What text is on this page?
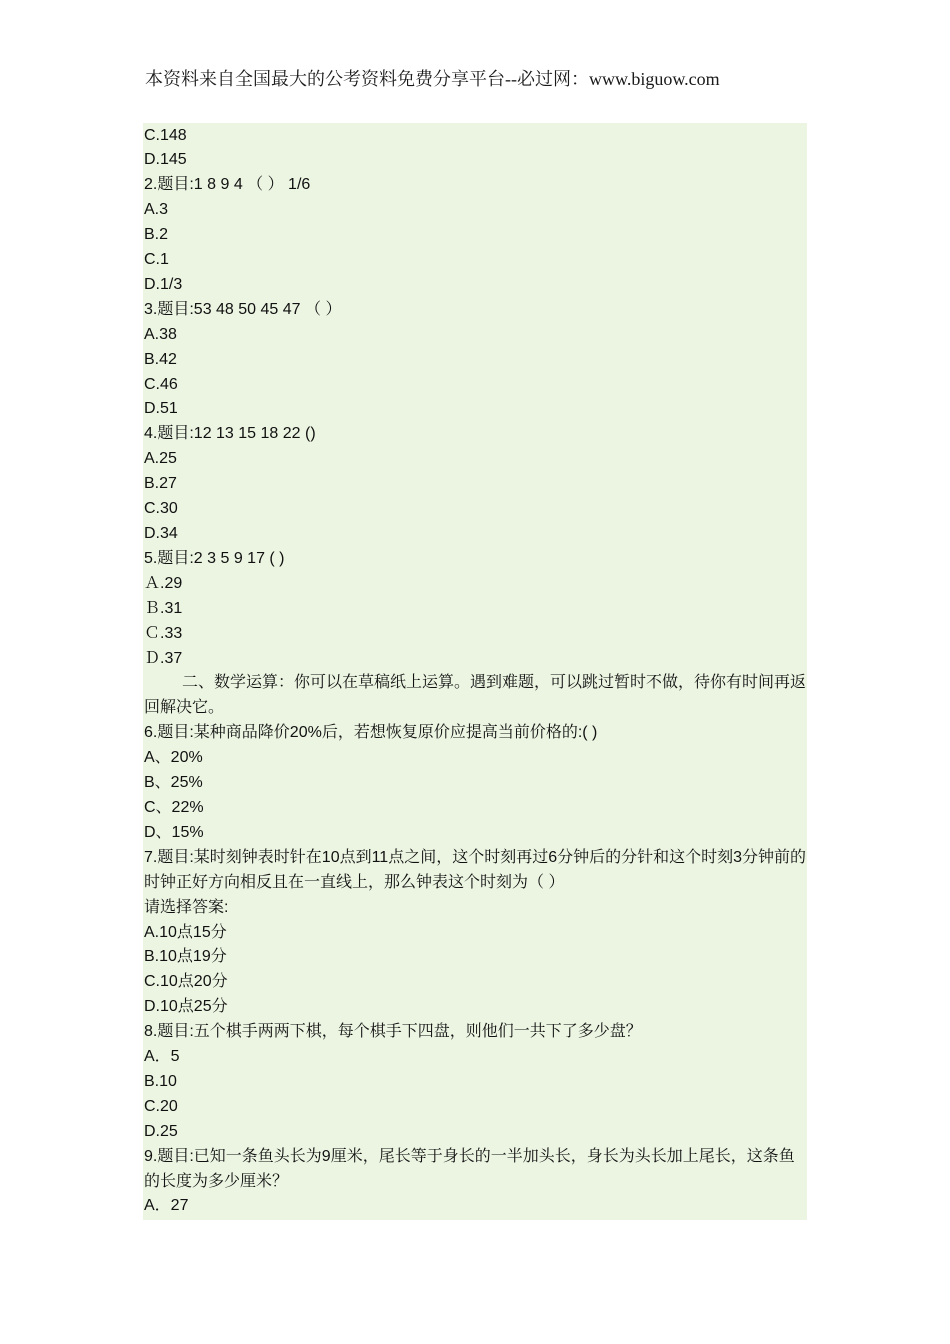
本资料来自全国最大的公考资料免费分享平台--必过网：www.biguow.com
C.148
D.145
2.题目:1 8 9 4 （ ） 1/6
A.3
B.2
C.1
D.1/3
3.题目:53 48 50 45 47 （ ）
A.38
B.42
C.46
D.51
4.题目:12 13 15 18 22 ()
A.25
B.27
C.30
D.34
5.题目:2 3 5 9 17 ( )
Ａ.29
Ｂ.31
Ｃ.33
Ｄ.37
二、数学运算：你可以在草稿纸上运算。遇到难题，可以跳过暂时不做，待你有时间再返回解决它。
6.题目:某种商品降价20%后，若想恢复原价应提高当前价格的:( )
A、20%
B、25%
C、22%
D、15%
7.题目:某时刻钟表时针在10点到11点之间，这个时刻再过6分钟后的分针和这个时刻3分钟前的时钟正好方向相反且在一直线上，那么钟表这个时刻为（ ）
请选择答案:
A.10点15分
B.10点19分
C.10点20分
D.10点25分
8.题目:五个棋手两两下棋，每个棋手下四盘，则他们一共下了多少盘？
A．5
B.10
C.20
D.25
9.题目:已知一条鱼头长为9厘米，尾长等于身长的一半加头长，身长为头长加上尾长，这条鱼的长度为多少厘米？
A．27
